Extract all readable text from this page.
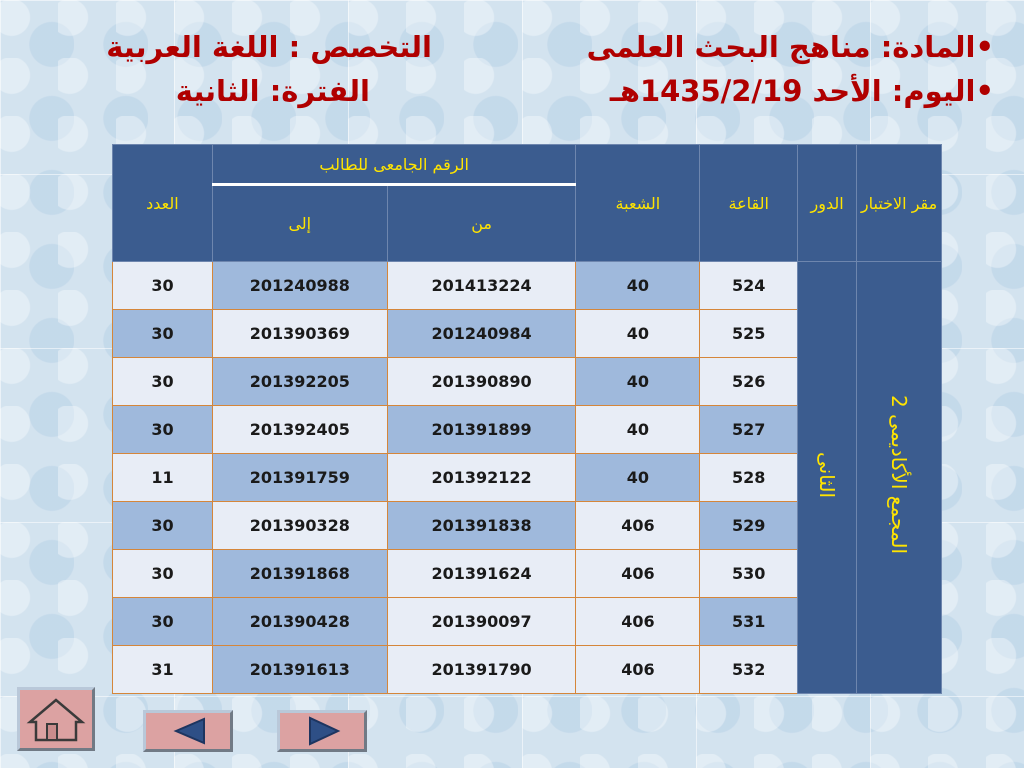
•المادة: مناهج البحث العلمى
•اليوم: الأحد 1435/2/19هـ
التخصص : اللغة العربية
الفترة: الثانية
مقر الاختبار	الدور	القاعة	الشعبة	الرقم الجامعى للطالب		العدد
				من	إلى	
المجمع الأكاديمى 2	الثانى	524	40	201413224	201240988	30
		525	40	201240984	201390369	30
		526	40	201390890	201392205	30
		527	40	201391899	201392405	30
		528	40	201392122	201391759	11
		529	406	201391838	201390328	30
		530	406	201391624	201391868	30
		531	406	201390097	201390428	30
		532	406	201391790	201391613	31
